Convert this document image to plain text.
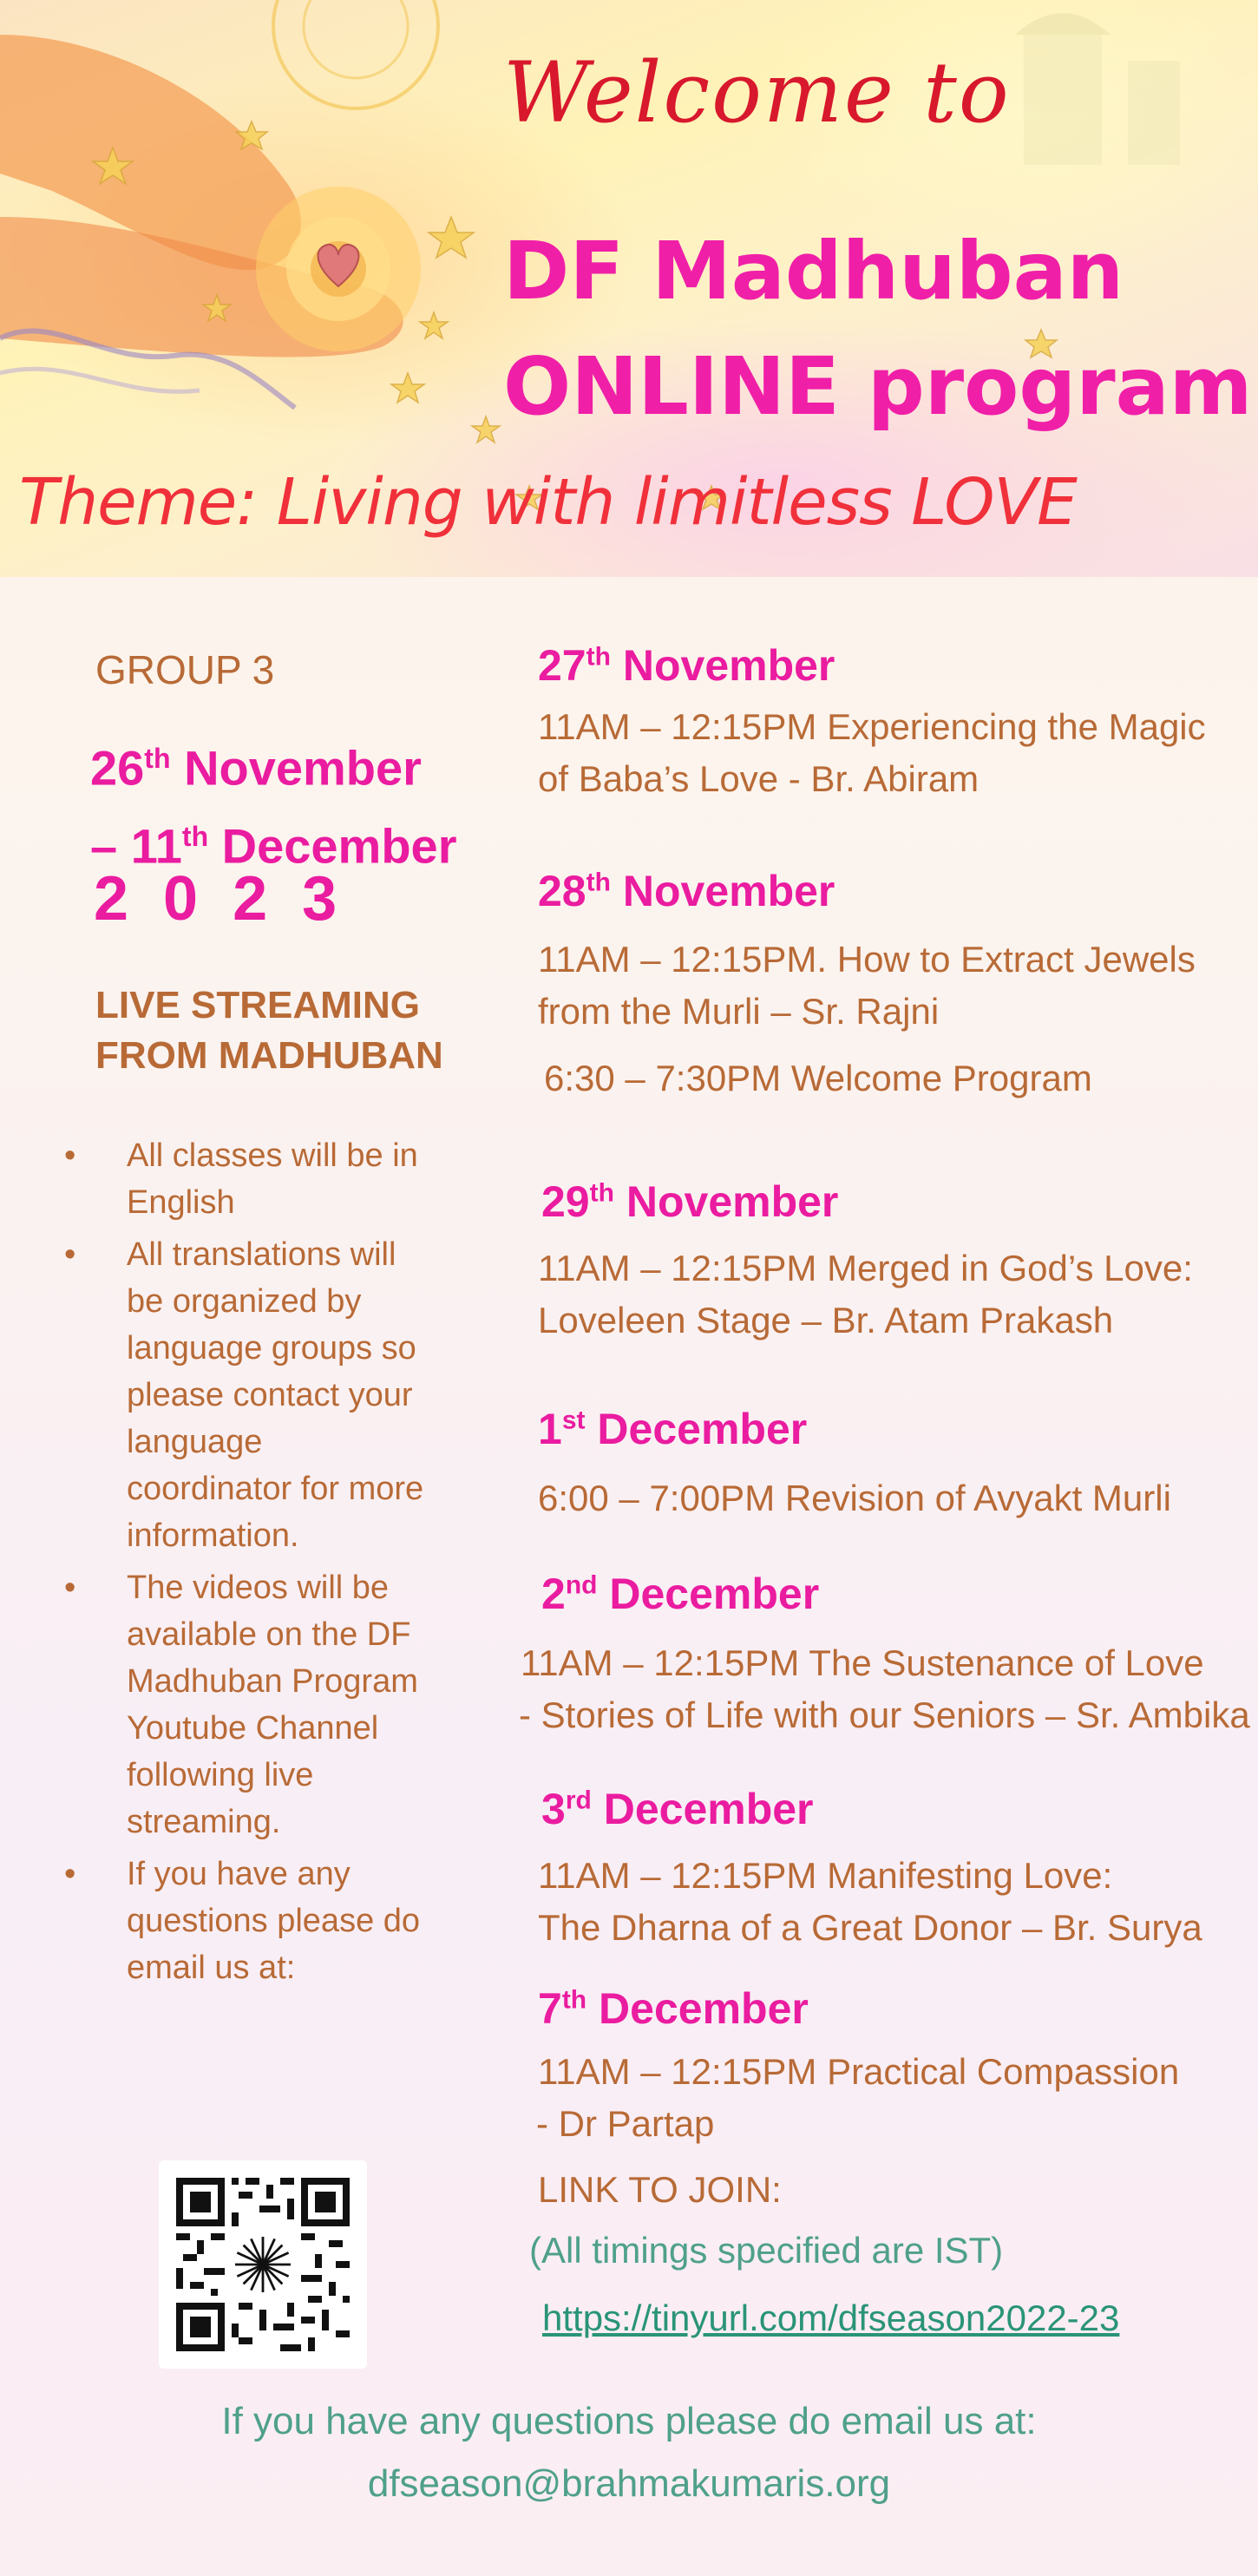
Welcome to
DF Madhuban
ONLINE program
Theme: Living with limitless LOVE
GROUP 3
26th November
– 11th December
2023
LIVE STREAMING
FROM MADHUBAN
• All classes will be in English
• All translations will be organized by language groups so please contact your language coordinator for more information.
• The videos will be available on the DF Madhuban Program Youtube Channel following live streaming.
• If you have any questions please do email us at:
27th November
11AM – 12:15PM Experiencing the Magic
of Baba’s Love - Br. Abiram
28th November
11AM – 12:15PM. How to Extract Jewels
from the Murli – Sr. Rajni
6:30 – 7:30PM Welcome Program
29th November
11AM – 12:15PM Merged in God’s Love:
Loveleen Stage – Br. Atam Prakash
1st December
6:00 – 7:00PM Revision of Avyakt Murli
2nd December
11AM – 12:15PM The Sustenance of Love
- Stories of Life with our Seniors – Sr. Ambika
3rd December
11AM – 12:15PM Manifesting Love:
The Dharna of a Great Donor – Br. Surya
7th December
11AM – 12:15PM Practical Compassion
- Dr Partap
LINK TO JOIN:
(All timings specified are IST)
https://tinyurl.com/dfseason2022-23
If you have any questions please do email us at:
dfseason@brahmakumaris.org
